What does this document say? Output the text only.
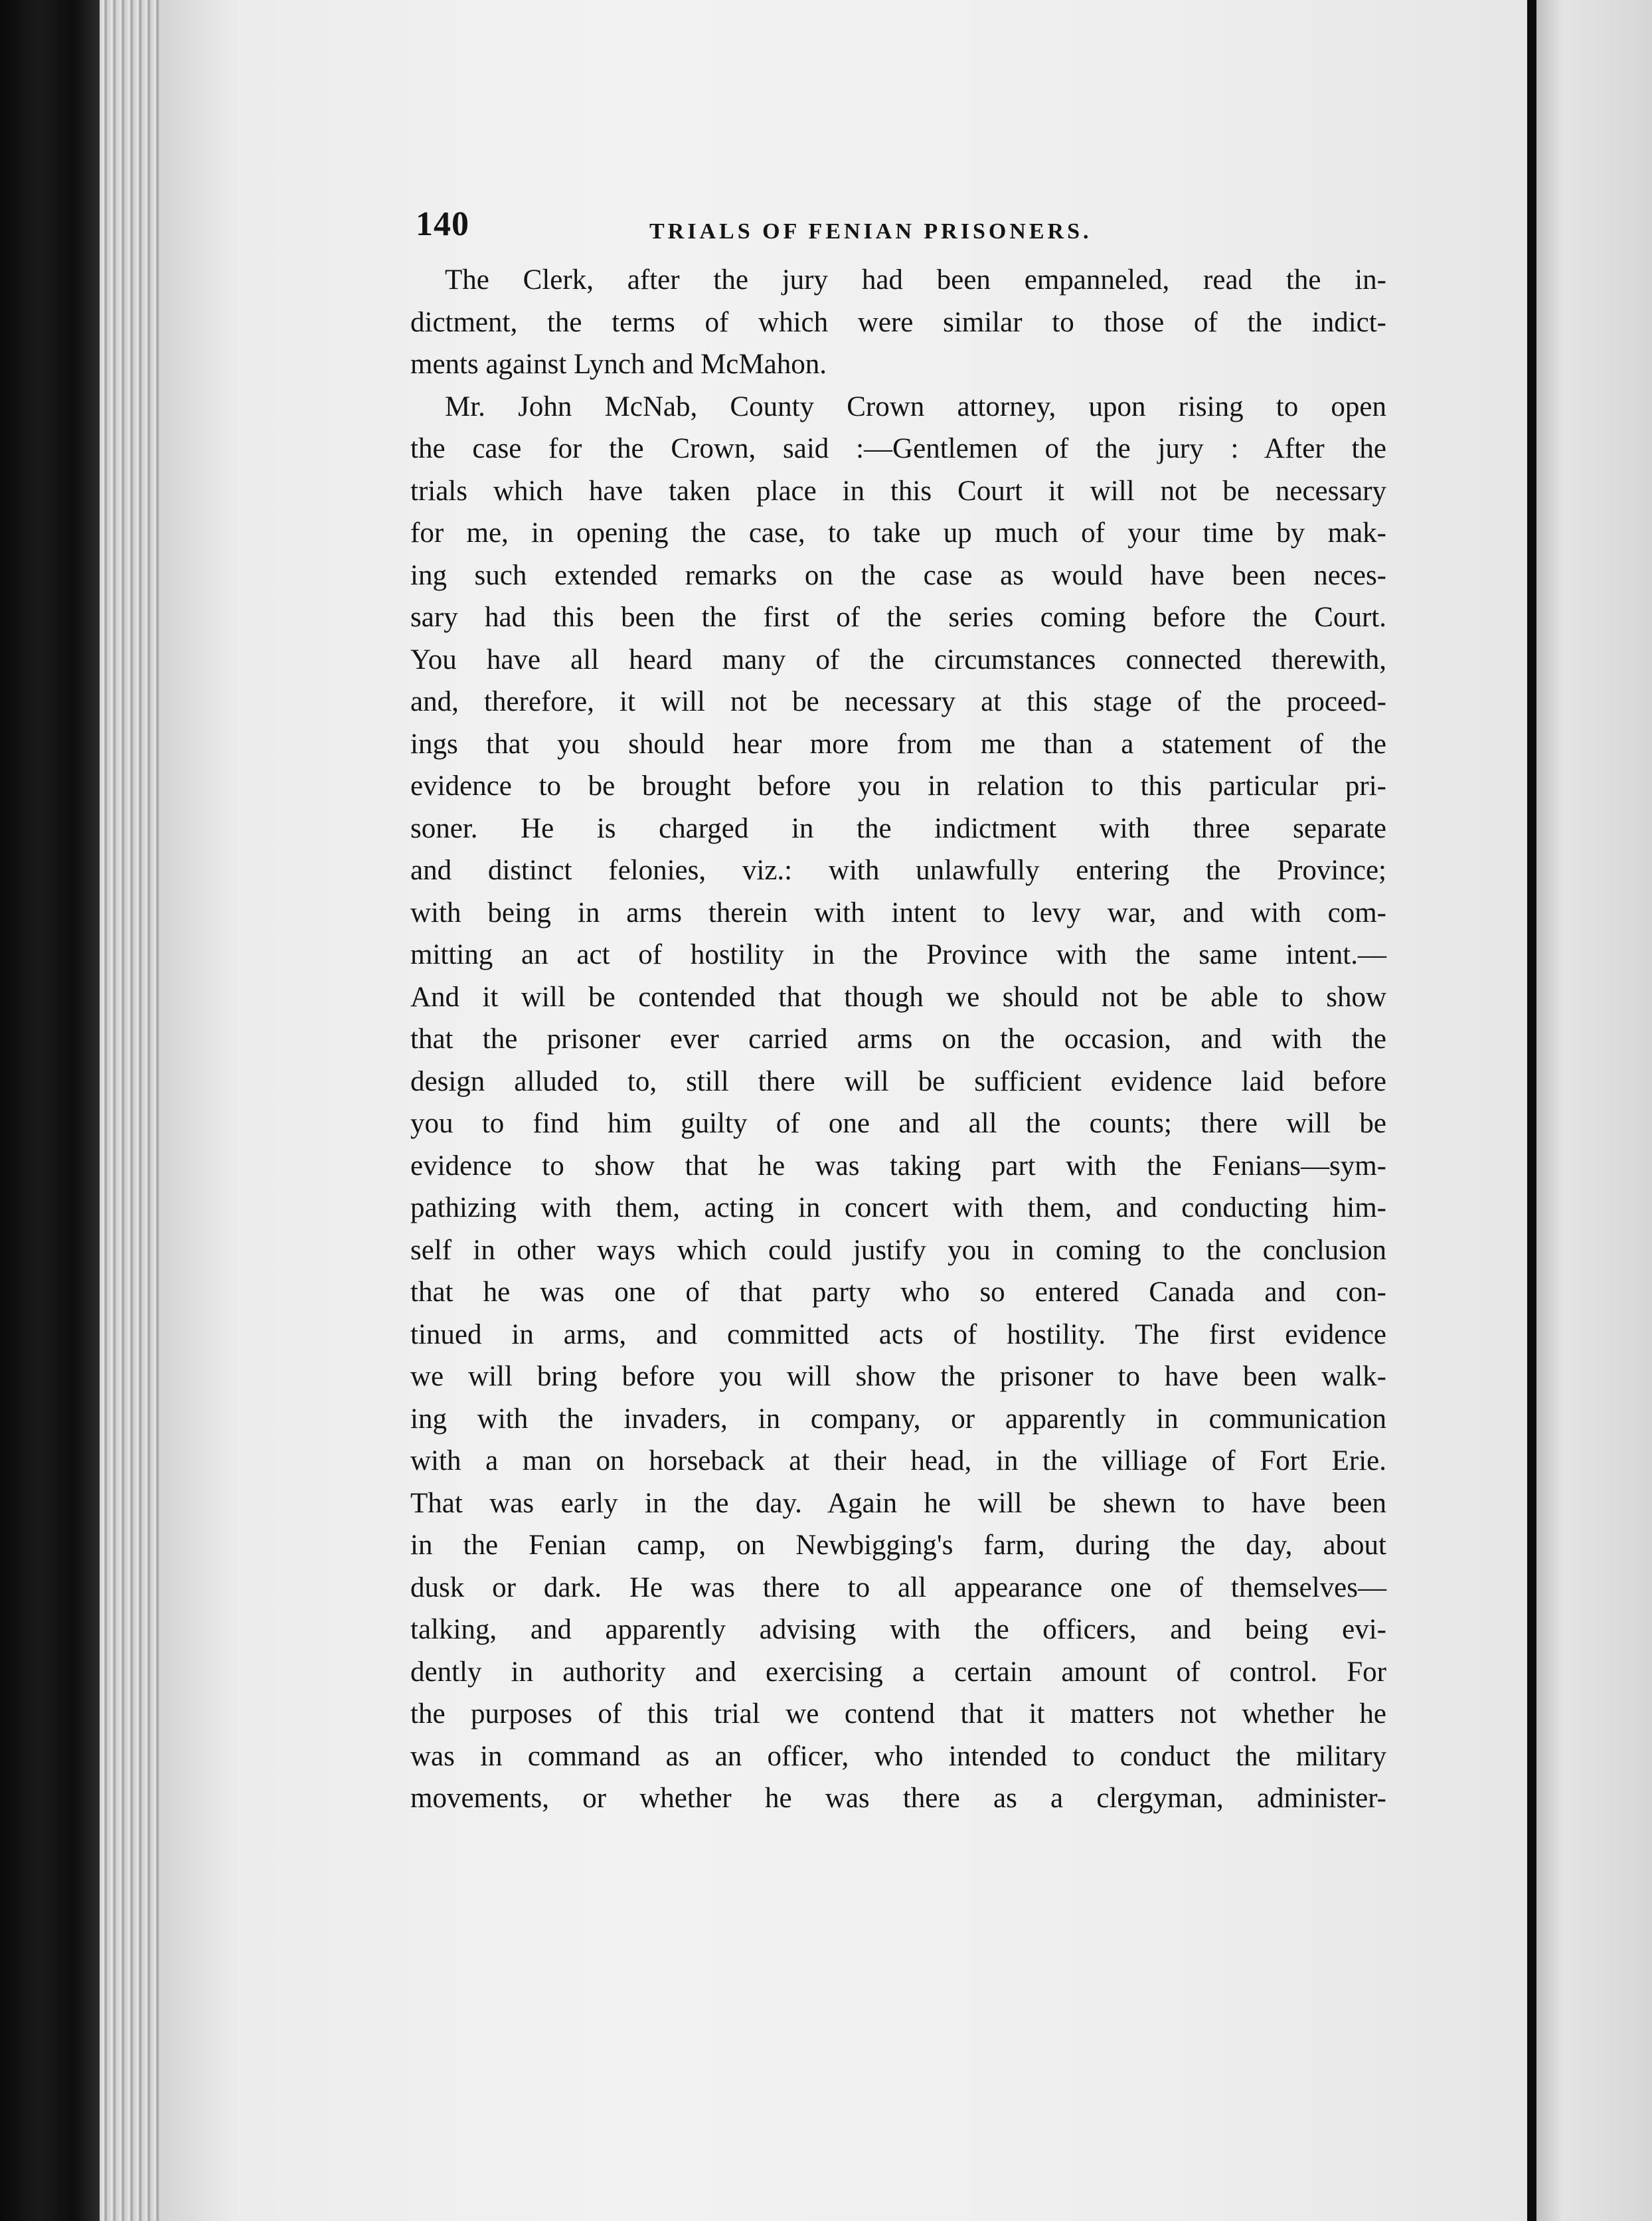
140	TRIALS OF FENIAN PRISONERS.

The Clerk, after the jury had been empanneled, read the in-
dictment, the terms of which were similar to those of the indict-
ments against Lynch and McMahon.

Mr. John McNab, County Crown attorney, upon rising to open
the case for the Crown, said :—Gentlemen of the jury : After the
trials which have taken place in this Court it will not be necessary
for me, in opening the case, to take up much of your time by mak-
ing such extended remarks on the case as would have been neces-
sary had this been the first of the series coming before the Court.
You have all heard many of the circumstances connected therewith,
and, therefore, it will not be necessary at this stage of the proceed-
ings that you should hear more from me than a statement of the
evidence to be brought before you in relation to this particular pri-
soner. He is charged in the indictment with three separate
and distinct felonies, viz.: with unlawfully entering the Province;
with being in arms therein with intent to levy war, and with com-
mitting an act of hostility in the Province with the same intent.—
And it will be contended that though we should not be able to show
that the prisoner ever carried arms on the occasion, and with the
design alluded to, still there will be sufficient evidence laid before
you to find him guilty of one and all the counts; there will be
evidence to show that he was taking part with the Fenians—sym-
pathizing with them, acting in concert with them, and conducting him-
self in other ways which could justify you in coming to the conclusion
that he was one of that party who so entered Canada and con-
tinued in arms, and committed acts of hostility. The first evidence
we will bring before you will show the prisoner to have been walk-
ing with the invaders, in company, or apparently in communication
with a man on horseback at their head, in the villiage of Fort Erie.
That was early in the day. Again he will be shewn to have been
in the Fenian camp, on Newbigging's farm, during the day, about
dusk or dark. He was there to all appearance one of themselves—
talking, and apparently advising with the officers, and being evi-
dently in authority and exercising a certain amount of control. For
the purposes of this trial we contend that it matters not whether he
was in command as an officer, who intended to conduct the military
movements, or whether he was there as a clergyman, administer-
